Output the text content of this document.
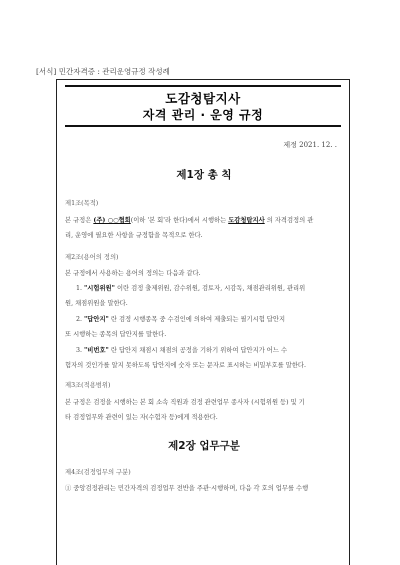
[서식] 민간자격증 : 관리운영규정 작성례
도감청탐지사
자격 관리 · 운영 규정
제정 2021. 12. .
제1장 총 칙
제1조(목적)
본 규정은 (주) ○○협회(이하 '본 회'라 한다)에서 시행하는 도감청탐지사 의 자격검정의 관
리, 운영에 필요한 사항을 규정함을 목적으로 한다.
제2조(용어의 정의)
본 규정에서 사용하는 용어의 정의는 다음과 같다.
1. "시험위원" 이란 검정 출제위원, 감수위원, 검토자, 시감독, 채점관리위원, 관리위
원, 채점위원을 말한다.
2. "답안지" 란 검정 시행종목 중 수검인에 의하여 제출되는 필기시험 답안지
또 시행하는 종목의 답안지를 말한다.
3. "비번호" 란 답안지 채점시 채점의 공정을 기하기 위하여 답안지가 어느 수
험자의 것인가를 알지 못하도록 답안지에 숫자 또는 문자로 표시하는 비밀부호를 말한다.
제3조(적용범위)
본 규정은 검정을 시행하는 본 회 소속 직원과 검정 관련업무 종사자 (시험위원 등) 및 기
타 검정업무와 관련이 있는 자(수험자 등)에게 적용한다.
제2장 업무구분
제4조(검정업무의 구분)
① 중앙검정관리는 민간자격의 검정업무 전반을 주관·시행하며, 다음 각 호의 업무를 수행
